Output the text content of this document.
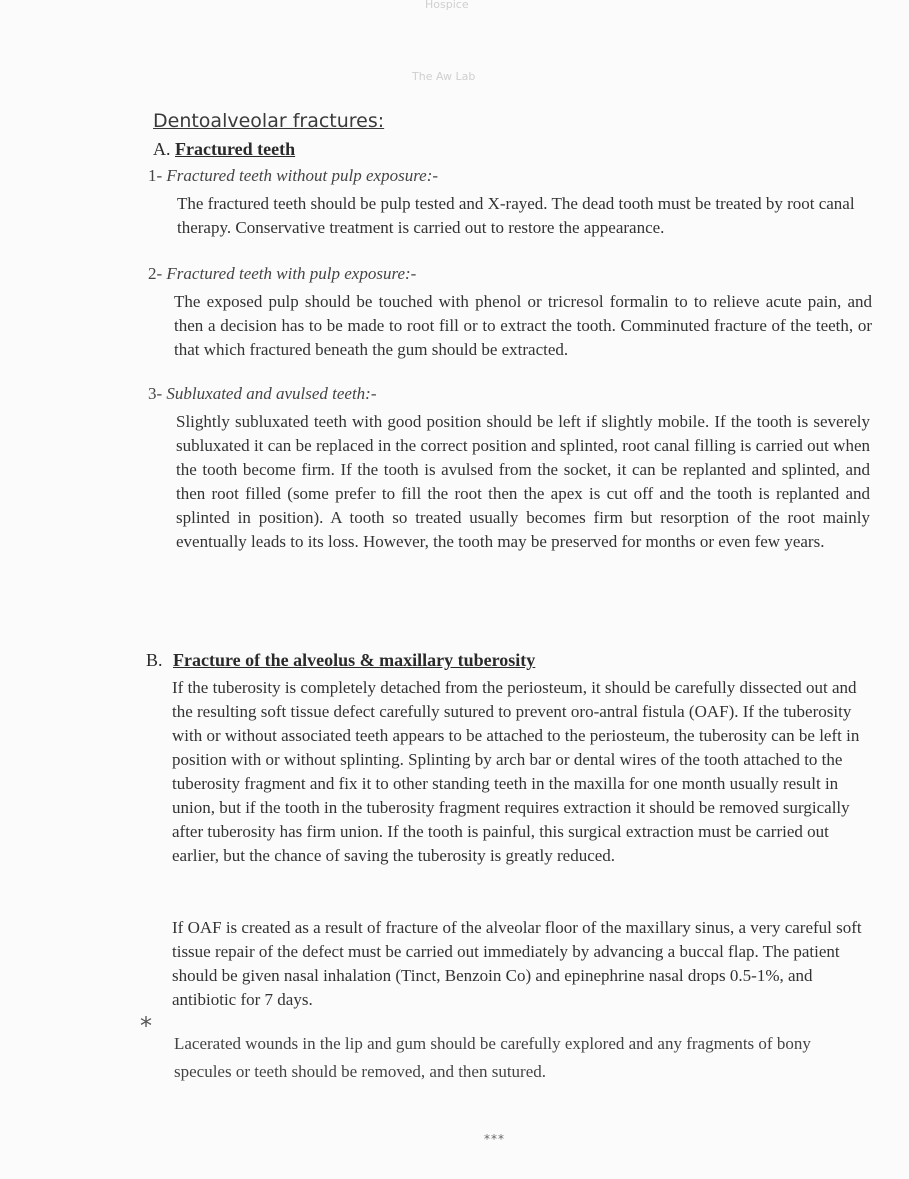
Hospice
The Aw Lab
Dentoalveolar fractures:
A. Fractured teeth
1- Fractured teeth without pulp exposure:-
The fractured teeth should be pulp tested and X-rayed. The dead tooth must be treated by root canal therapy. Conservative treatment is carried out to restore the appearance.
2- Fractured teeth with pulp exposure:-
The exposed pulp should be touched with phenol or tricresol formalin to to relieve acute pain, and then a decision has to be made to root fill or to extract the tooth. Comminuted fracture of the teeth, or that which fractured beneath the gum should be extracted.
3- Subluxated and avulsed teeth:-
Slightly subluxated teeth with good position should be left if slightly mobile. If the tooth is severely subluxated it can be replaced in the correct position and splinted, root canal filling is carried out when the tooth become firm. If the tooth is avulsed from the socket, it can be replanted and splinted, and then root filled (some prefer to fill the root then the apex is cut off and the tooth is replanted and splinted in position). A tooth so treated usually becomes firm but resorption of the root mainly eventually leads to its loss. However, the tooth may be preserved for months or even few years.
B. Fracture of the alveolus & maxillary tuberosity
If the tuberosity is completely detached from the periosteum, it should be carefully dissected out and the resulting soft tissue defect carefully sutured to prevent oro-antral fistula (OAF). If the tuberosity with or without associated teeth appears to be attached to the periosteum, the tuberosity can be left in position with or without splinting. Splinting by arch bar or dental wires of the tooth attached to the tuberosity fragment and fix it to other standing teeth in the maxilla for one month usually result in union, but if the tooth in the tuberosity fragment requires extraction it should be removed surgically after tuberosity has firm union. If the tooth is painful, this surgical extraction must be carried out earlier, but the chance of saving the tuberosity is greatly reduced.
If OAF is created as a result of fracture of the alveolar floor of the maxillary sinus, a very careful soft tissue repair of the defect must be carried out immediately by advancing a buccal flap. The patient should be given nasal inhalation (Tinct, Benzoin Co) and epinephrine nasal drops 0.5-1%, and antibiotic for 7 days.
*
Lacerated wounds in the lip and gum should be carefully explored and any fragments of bony specules or teeth should be removed, and then sutured.
***
